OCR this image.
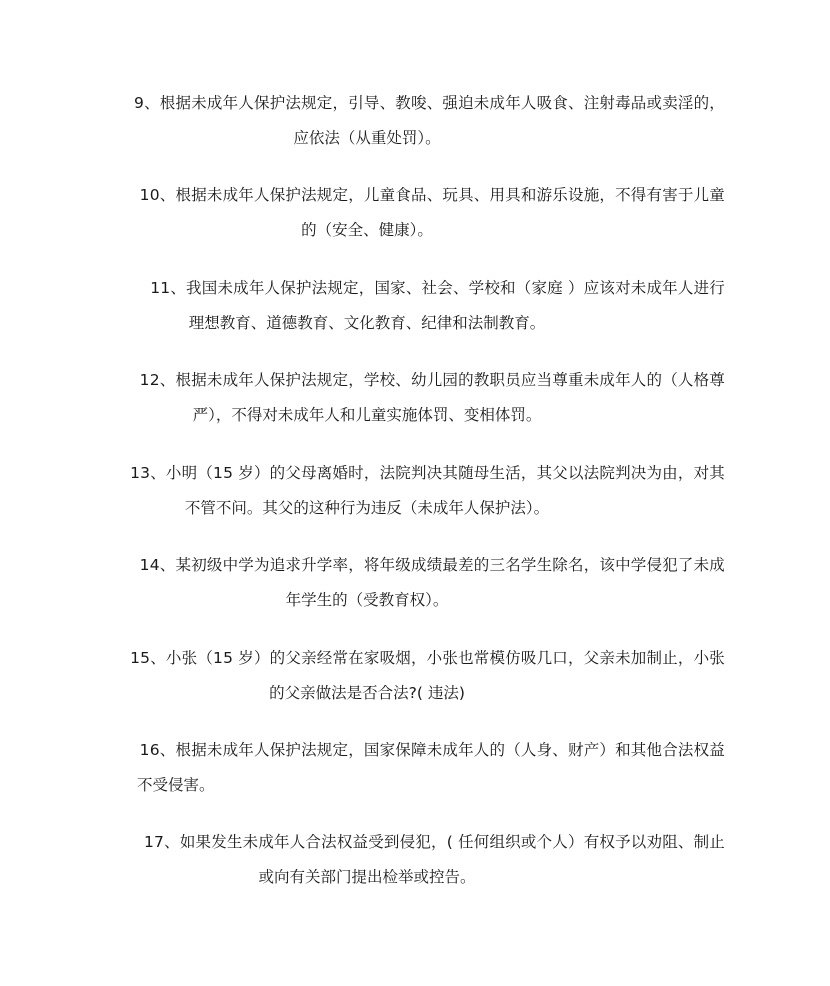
9、根据未成年人保护法规定，引导、教唆、强迫未成年人吸食、注射毒品或卖淫的，
应依法（从重处罚）。
10、根据未成年人保护法规定，儿童食品、玩具、用具和游乐设施，不得有害于儿童
的（安全、健康）。
11、我国未成年人保护法规定，国家、社会、学校和（家庭 ）应该对未成年人进行
理想教育、道德教育、文化教育、纪律和法制教育。
12、根据未成年人保护法规定，学校、幼儿园的教职员应当尊重未成年人的（人格尊
严），不得对未成年人和儿童实施体罚、变相体罚。
13、小明（15 岁）的父母离婚时，法院判决其随母生活，其父以法院判决为由，对其
不管不问。其父的这种行为违反（未成年人保护法）。
14、某初级中学为追求升学率，将年级成绩最差的三名学生除名，该中学侵犯了未成
年学生的（受教育权）。
15、小张（15 岁）的父亲经常在家吸烟，小张也常模仿吸几口，父亲未加制止，小张
的父亲做法是否合法?( 违法)
16、根据未成年人保护法规定，国家保障未成年人的（人身、财产）和其他合法权益
不受侵害。
17、如果发生未成年人合法权益受到侵犯，( 任何组织或个人）有权予以劝阻、制止
或向有关部门提出检举或控告。
